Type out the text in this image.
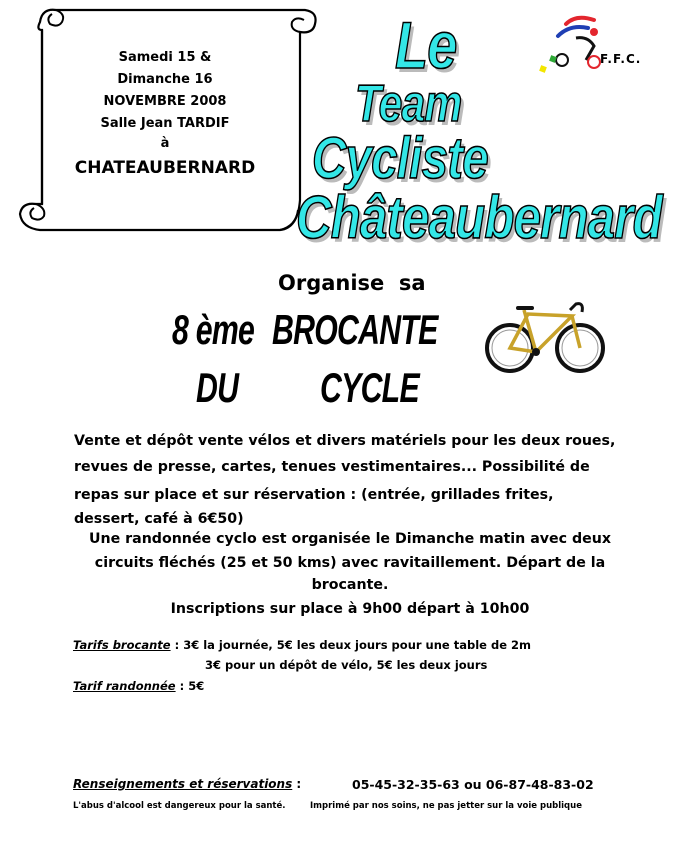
Samedi 15 &
Dimanche 16
NOVEMBRE 2008
Salle Jean TARDIF
à
CHATEAUBERNARD
Le
Team
Cycliste
Châteaubernard
F.F.C.
Organise  sa
8 ème BROCANTE
DU CYCLE
Vente et dépôt vente vélos et divers matériels pour les deux roues,
revues de presse, cartes, tenues vestimentaires... Possibilité de
repas sur place et sur réservation : (entrée, grillades frites,
dessert, café à 6€50)
Une randonnée cyclo est organisée le Dimanche matin avec deux
circuits fléchés (25 et 50 kms) avec ravitaillement. Départ de la
brocante.
Inscriptions sur place à 9h00 départ à 10h00
Tarifs brocante : 3€ la journée, 5€ les deux jours pour une table de 2m
3€ pour un dépôt de vélo, 5€ les deux jours
Tarif randonnée : 5€
Renseignements et réservations :	05-45-32-35-63 ou 06-87-48-83-02
L'abus d'alcool est dangereux pour la santé.	Imprimé par nos soins, ne pas jetter sur la voie publique
